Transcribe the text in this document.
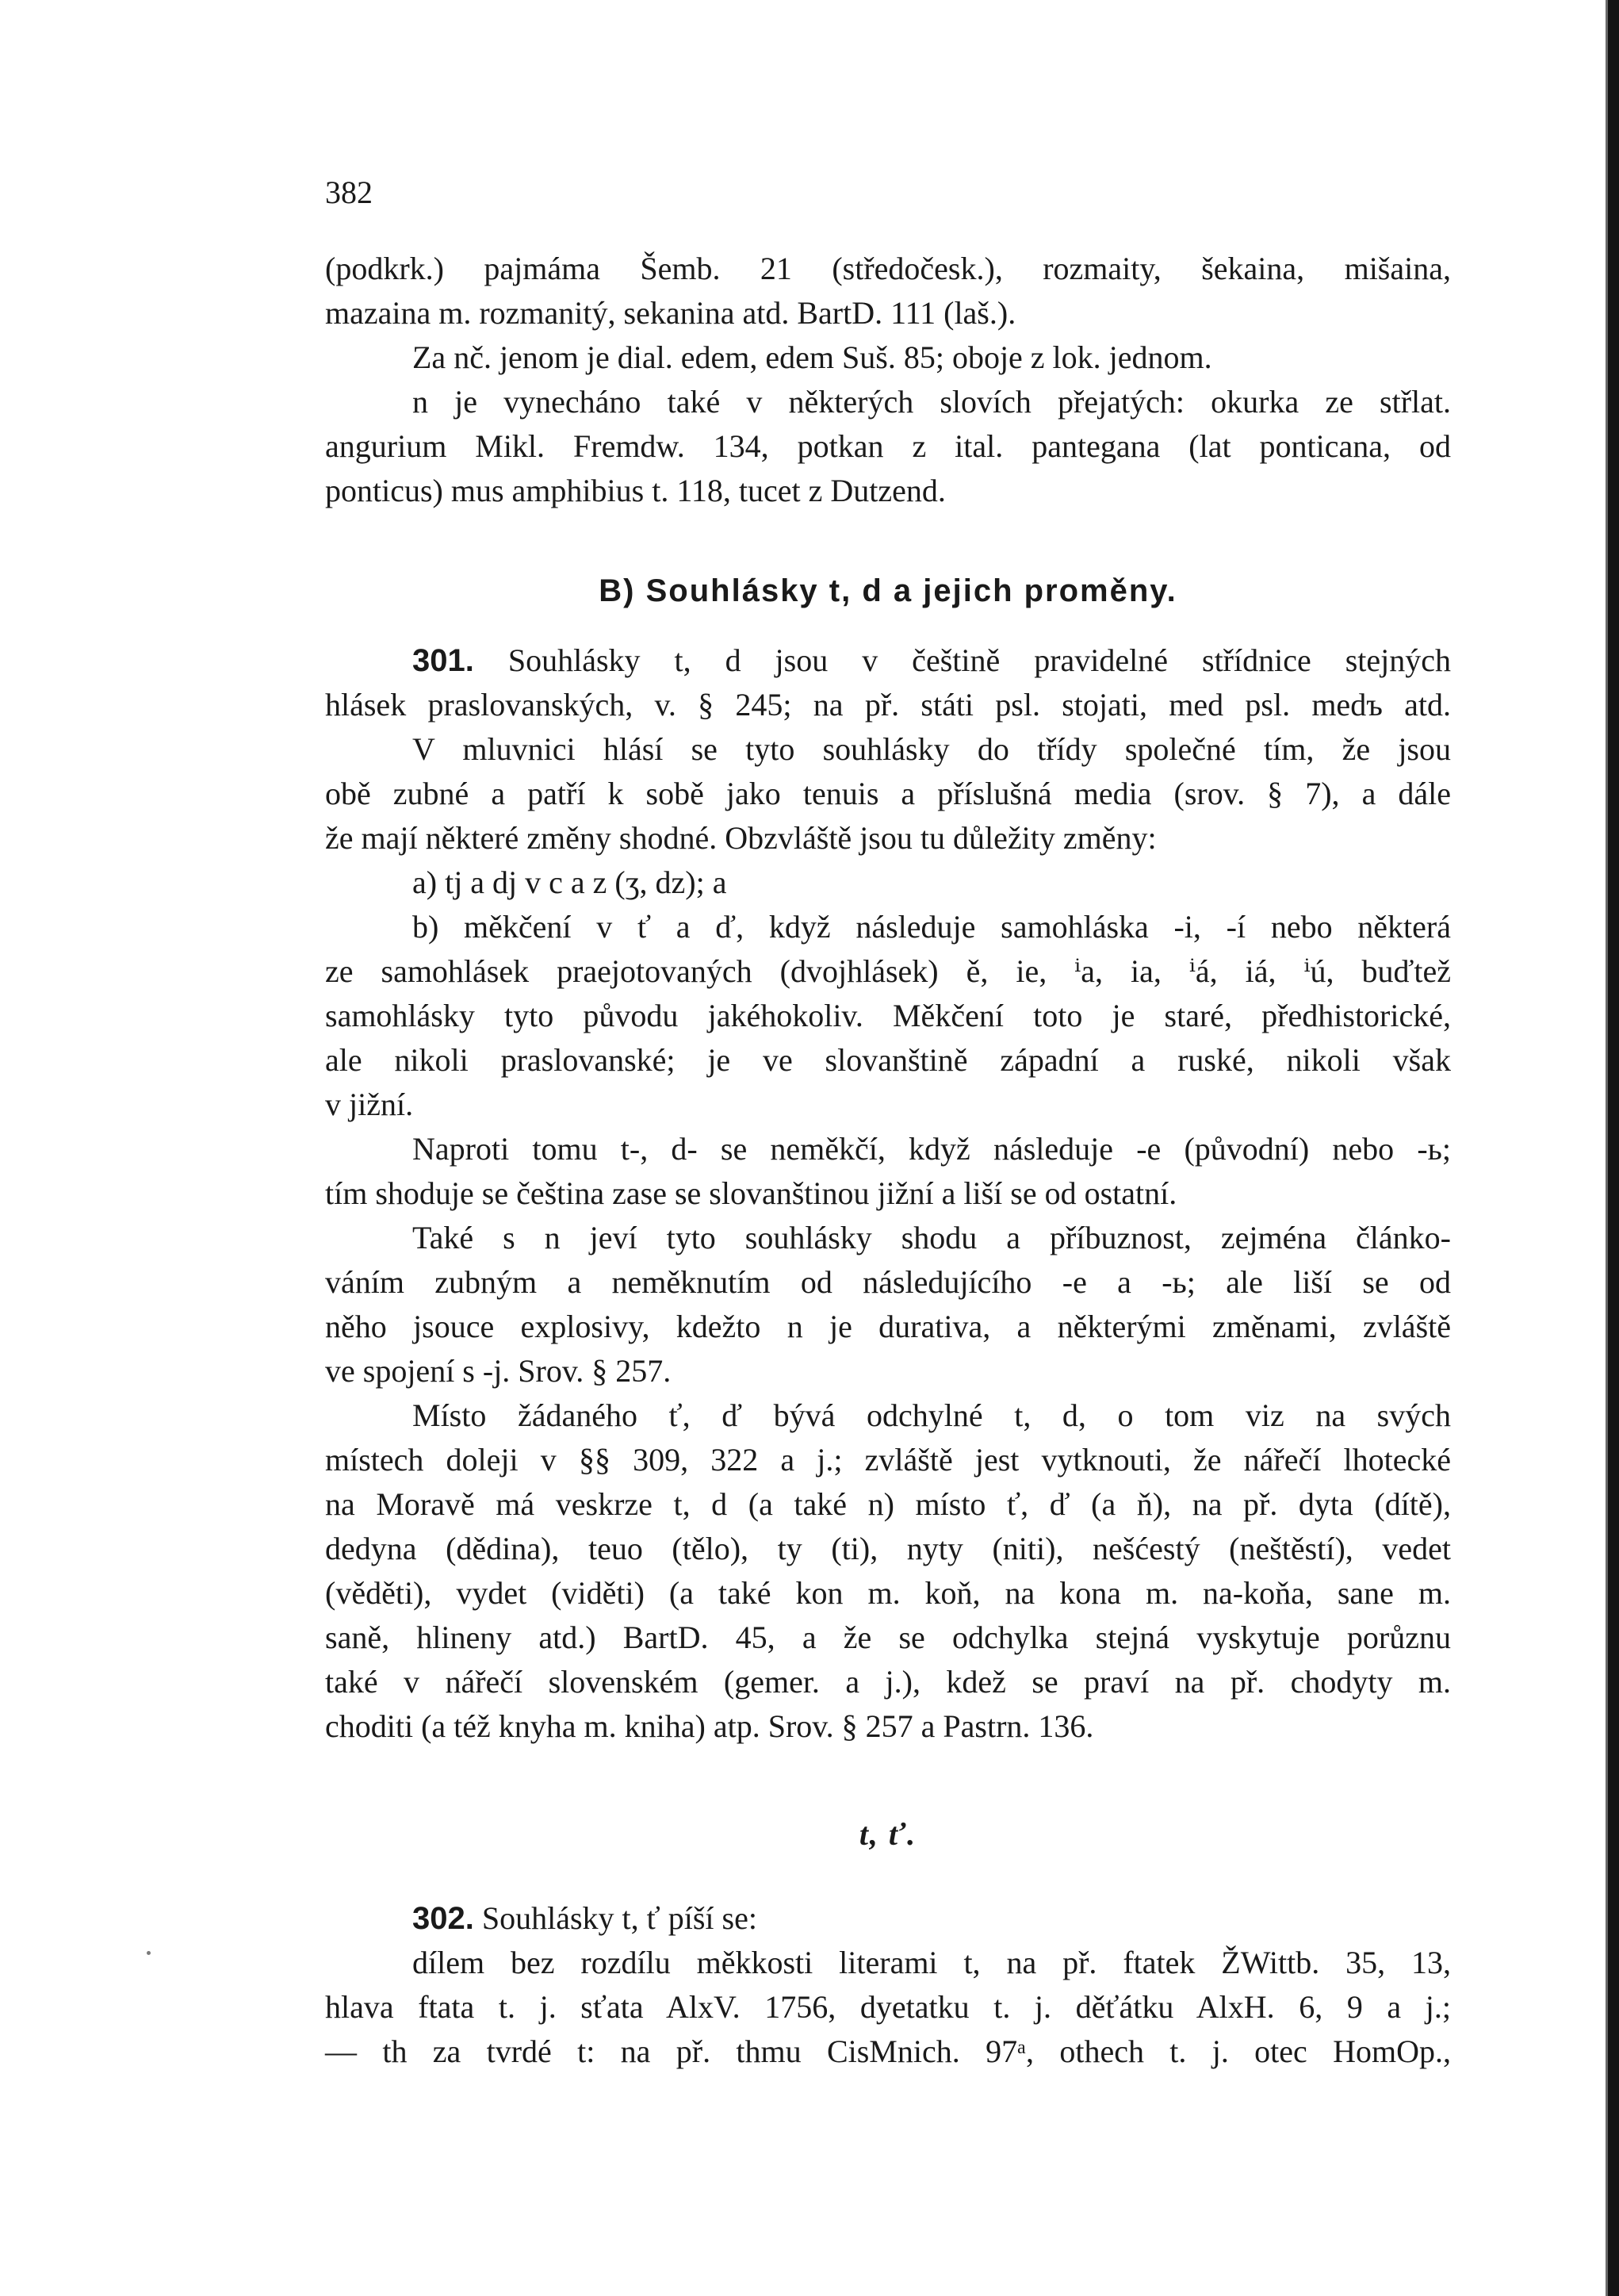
382
(podkrk.) pajmáma Šemb. 21 (středočesk.), rozmaity, šekaina, mišaina,
mazaina m. rozmanitý, sekanina atd. BartD. 111 (laš.).
Za nč. jenom je dial. edem, edem Suš. 85; oboje z lok. jednom.
n je vynecháno také v některých slovích přejatých: okurka ze střlat.
angurium Mikl. Fremdw. 134, potkan z ital. pantegana (lat ponticana, od
ponticus) mus amphibius t. 118, tucet z Dutzend.
B) Souhlásky t, d a jejich proměny.
301. Souhlásky t, d jsou v češtině pravidelné střídnice stejných
hlásek praslovanských, v. § 245; na př. státi psl. stojati, med psl. medъ atd.
V mluvnici hlásí se tyto souhlásky do třídy společné tím, že jsou
obě zubné a patří k sobě jako tenuis a příslušná media (srov. § 7), a dále
že mají některé změny shodné. Obzvláště jsou tu důležity změny:
a) tj a dj v c a z (ʒ, dz); a
b) měkčení v ť a ď, když následuje samohláska -i, -í nebo některá
ze samohlásek praejotovaných (dvojhlásek) ě, ie, ⁱa, ia, ⁱá, iá, ⁱú, buďtež
samohlásky tyto původu jakéhokoliv. Měkčení toto je staré, předhistorické,
ale nikoli praslovanské; je ve slovanštině západní a ruské, nikoli však
v jižní.
Naproti tomu t-, d- se neměkčí, když následuje -e (původní) nebo -ь;
tím shoduje se čeština zase se slovanštinou jižní a liší se od ostatní.
Také s n jeví tyto souhlásky shodu a příbuznost, zejména článko-
váním zubným a neměknutím od následujícího -e a -ь; ale liší se od
něho jsouce explosivy, kdežto n je durativa, a některými změnami, zvláště
ve spojení s -j. Srov. § 257.
Místo žádaného ť, ď bývá odchylné t, d, o tom viz na svých
místech doleji v §§ 309, 322 a j.; zvláště jest vytknouti, že nářečí lhotecké
na Moravě má veskrze t, d (a také n) místo ť, ď (a ň), na př. dyta (dítě),
dedyna (dědina), teuo (tělo), ty (ti), nyty (niti), nešćestý (neštěstí), vedet
(věděti), vydet (viděti) (a také kon m. koň, na kona m. na-koňa, sane m.
saně, hlineny atd.) BartD. 45, a že se odchylka stejná vyskytuje porůznu
také v nářečí slovenském (gemer. a j.), kdež se praví na př. chodyty m.
choditi (a též knyha m. kniha) atp. Srov. § 257 a Pastrn. 136.
t, ť.
302. Souhlásky t, ť píší se:
dílem bez rozdílu měkkosti literami t, na př. ftatek ŽWittb. 35, 13,
hlava ftata t. j. sťata AlxV. 1756, dyetatku t. j. děťátku AlxH. 6, 9 a j.;
— th za tvrdé t: na př. thmu CisMnich. 97ᵃ, othech t. j. otec HomOp.,
